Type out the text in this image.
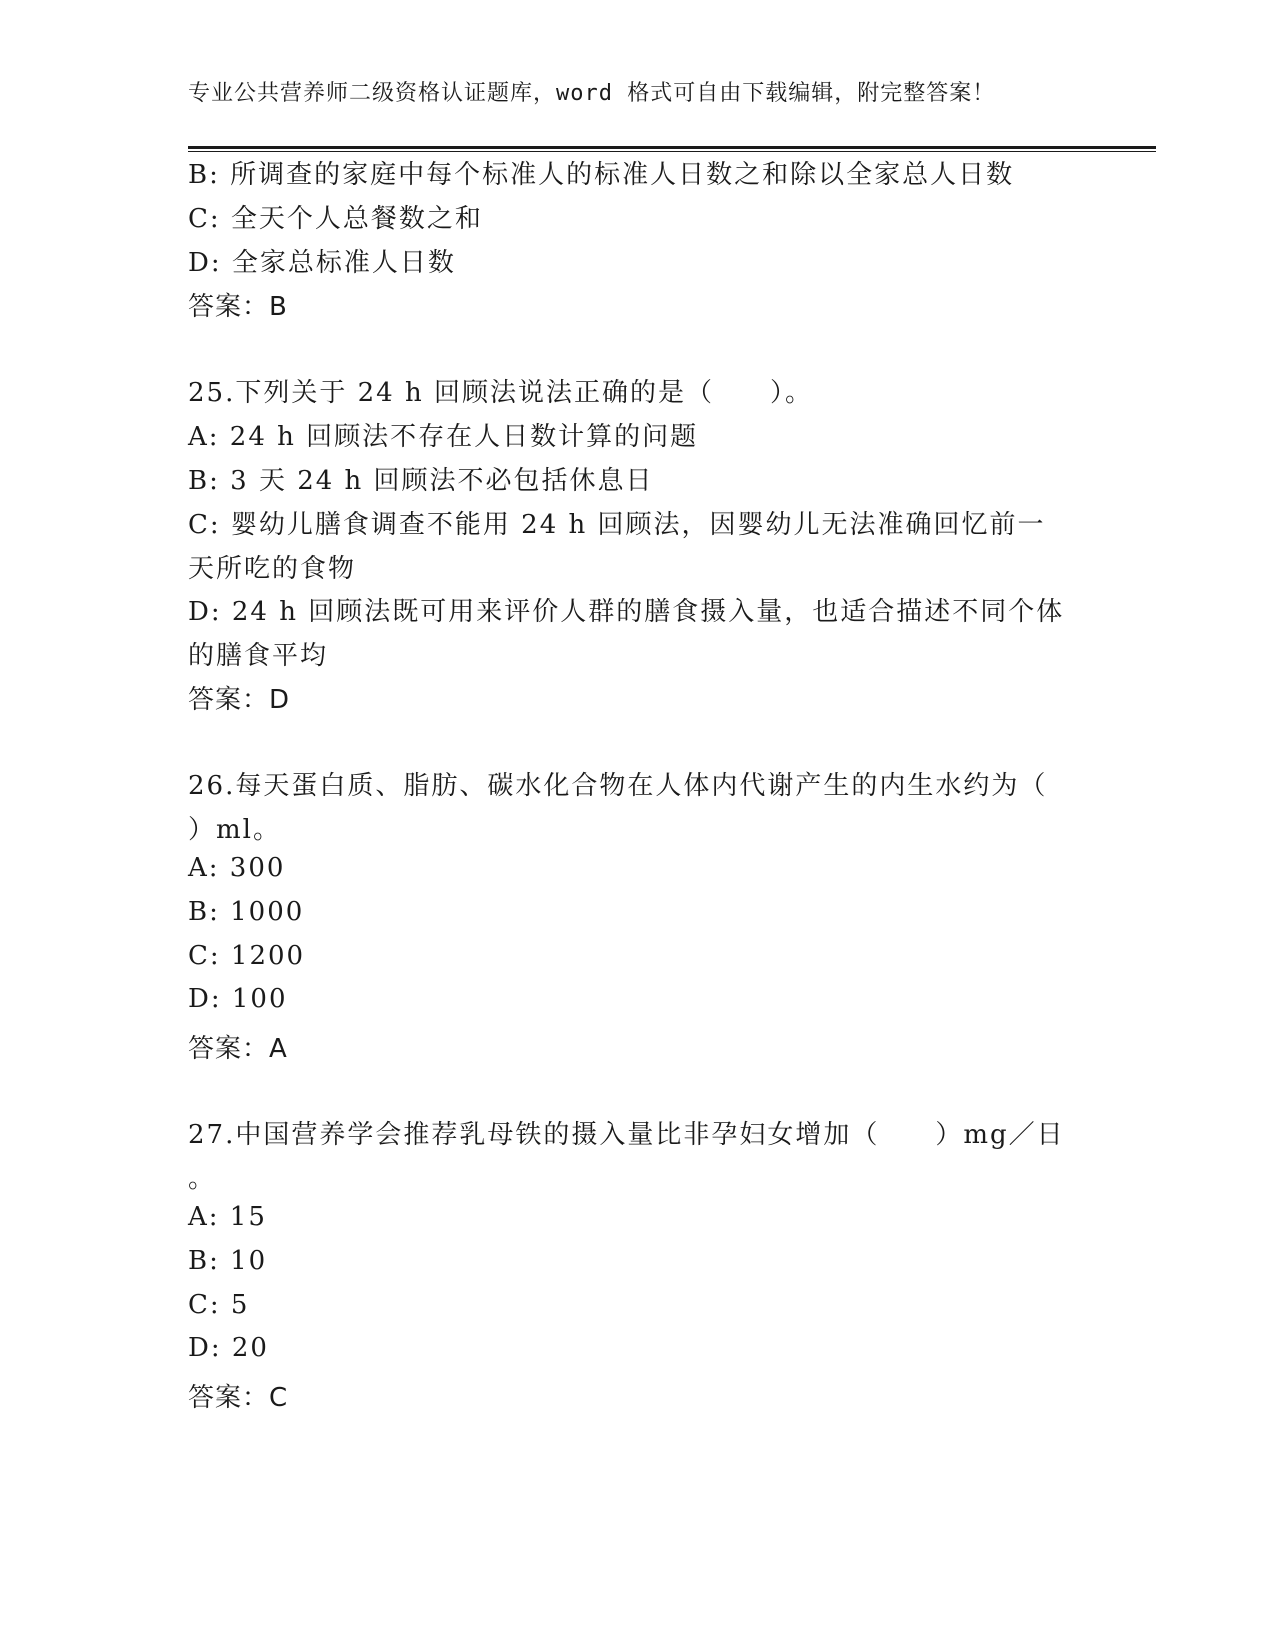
专业公共营养师二级资格认证题库，word 格式可自由下载编辑，附完整答案！
B: 所调查的家庭中每个标准人的标准人日数之和除以全家总人日数
C: 全天个人总餐数之和
D: 全家总标准人日数
答案：B
25.下列关于 24 h 回顾法说法正确的是（　　）。
A: 24 h 回顾法不存在人日数计算的问题
B: 3 天 24 h 回顾法不必包括休息日
C: 婴幼儿膳食调查不能用 24 h 回顾法，因婴幼儿无法准确回忆前一
天所吃的食物
D: 24 h 回顾法既可用来评价人群的膳食摄入量，也适合描述不同个体
的膳食平均
答案：D
26.每天蛋白质、脂肪、碳水化合物在人体内代谢产生的内生水约为（
）ml。
A: 300
B: 1000
C: 1200
D: 100
答案：A
27.中国营养学会推荐乳母铁的摄入量比非孕妇女增加（　　）mg／日
。
A: 15
B: 10
C: 5
D: 20
答案：C
